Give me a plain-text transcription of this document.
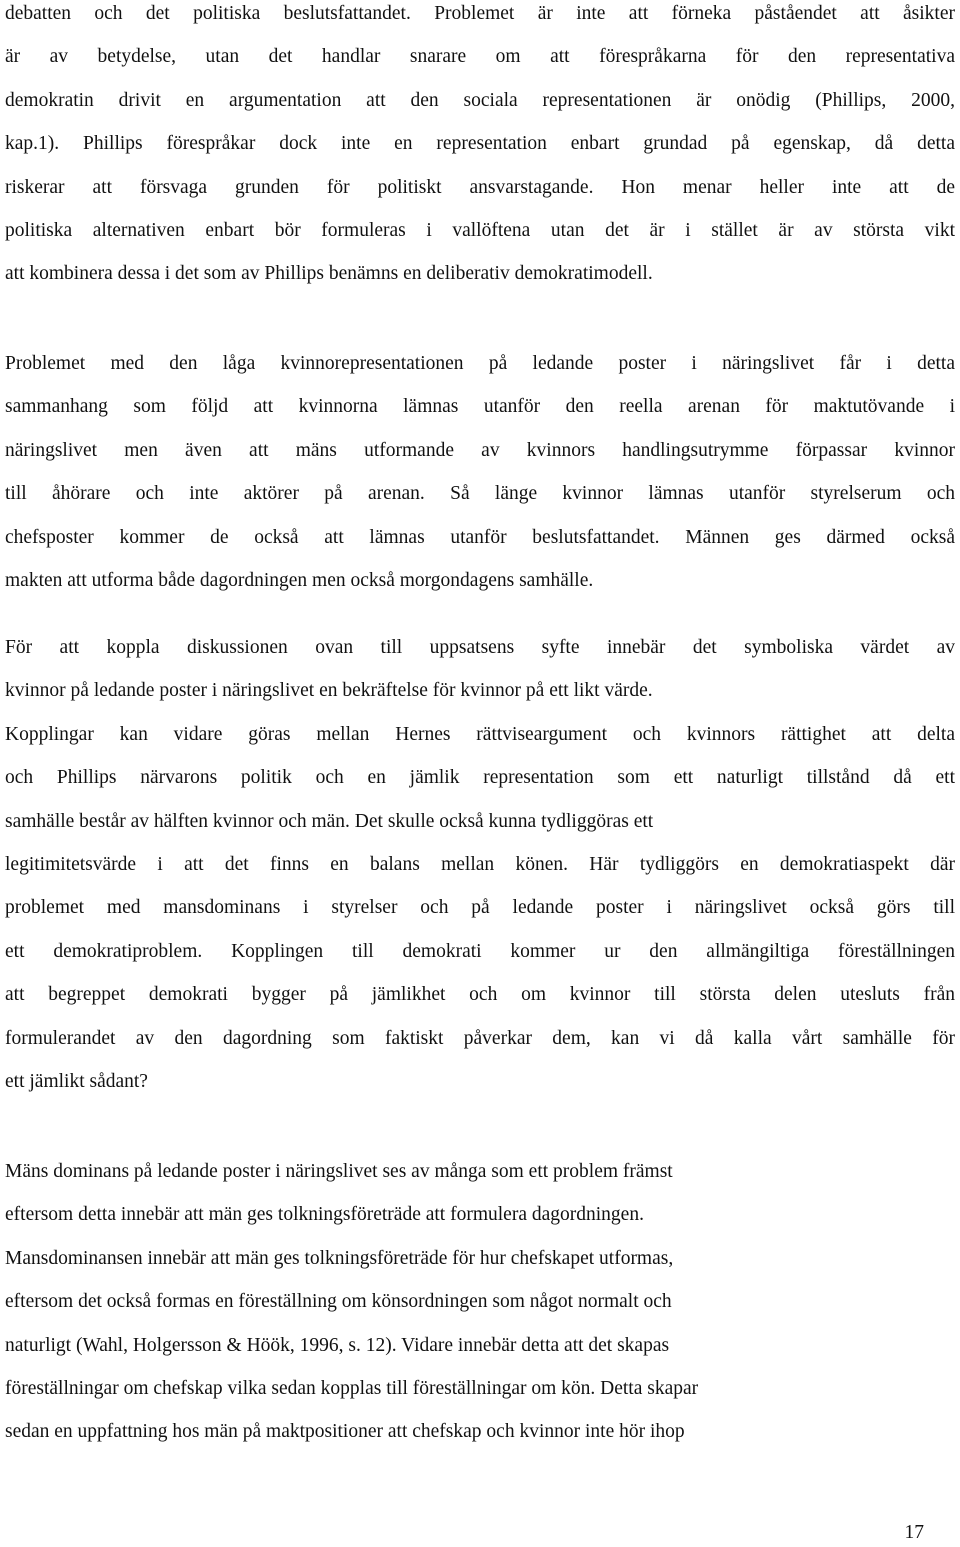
debatten och det politiska beslutsfattandet. Problemet är inte att förneka påståendet att åsikter
är av betydelse, utan det handlar snarare om att förespråkarna för den representativa
demokratin drivit en argumentation att den sociala representationen är onödig (Phillips, 2000,
kap.1). Phillips förespråkar dock inte en representation enbart grundad på egenskap, då detta
riskerar att försvaga grunden för politiskt ansvarstagande. Hon menar heller inte att de
politiska alternativen enbart bör formuleras i vallöftena utan det är i stället är av största vikt
att kombinera dessa i det som av Phillips benämns en deliberativ demokratimodell.
Problemet med den låga kvinnorepresentationen på ledande poster i näringslivet får i detta
sammanhang som följd att kvinnorna lämnas utanför den reella arenan för maktutövande i
näringslivet men även att mäns utformande av kvinnors handlingsutrymme förpassar kvinnor
till åhörare och inte aktörer på arenan. Så länge kvinnor lämnas utanför styrelserum och
chefsposter kommer de också att lämnas utanför beslutsfattandet. Männen ges därmed också
makten att utforma både dagordningen men också morgondagens samhälle.
För att koppla diskussionen ovan till uppsatsens syfte innebär det symboliska värdet av
kvinnor på ledande poster i näringslivet en bekräftelse för kvinnor på ett likt värde.
Kopplingar kan vidare göras mellan Hernes rättviseargument och kvinnors rättighet att delta
och Phillips närvarons politik och en jämlik representation som ett naturligt tillstånd då ett
samhälle består av hälften kvinnor och män. Det skulle också kunna tydliggöras ett
legitimitetsvärde i att det finns en balans mellan könen. Här tydliggörs en demokratiaspekt där
problemet med mansdominans i styrelser och på ledande poster i näringslivet också görs till
ett demokratiproblem. Kopplingen till demokrati kommer ur den allmängiltiga föreställningen
att begreppet demokrati bygger på jämlikhet och om kvinnor till största delen utesluts från
formulerandet av den dagordning som faktiskt påverkar dem, kan vi då kalla vårt samhälle för
ett jämlikt sådant?
Mäns dominans på ledande poster i näringslivet ses av många som ett problem främst
eftersom detta innebär att män ges tolkningsföreträde att formulera dagordningen.
Mansdominansen innebär att män ges tolkningsföreträde för hur chefskapet utformas,
eftersom det också formas en föreställning om könsordningen som något normalt och
naturligt (Wahl, Holgersson & Höök, 1996, s. 12). Vidare innebär detta att det skapas
föreställningar om chefskap vilka sedan kopplas till föreställningar om kön. Detta skapar
sedan en uppfattning hos män på maktpositioner att chefskap och kvinnor inte hör ihop
17
